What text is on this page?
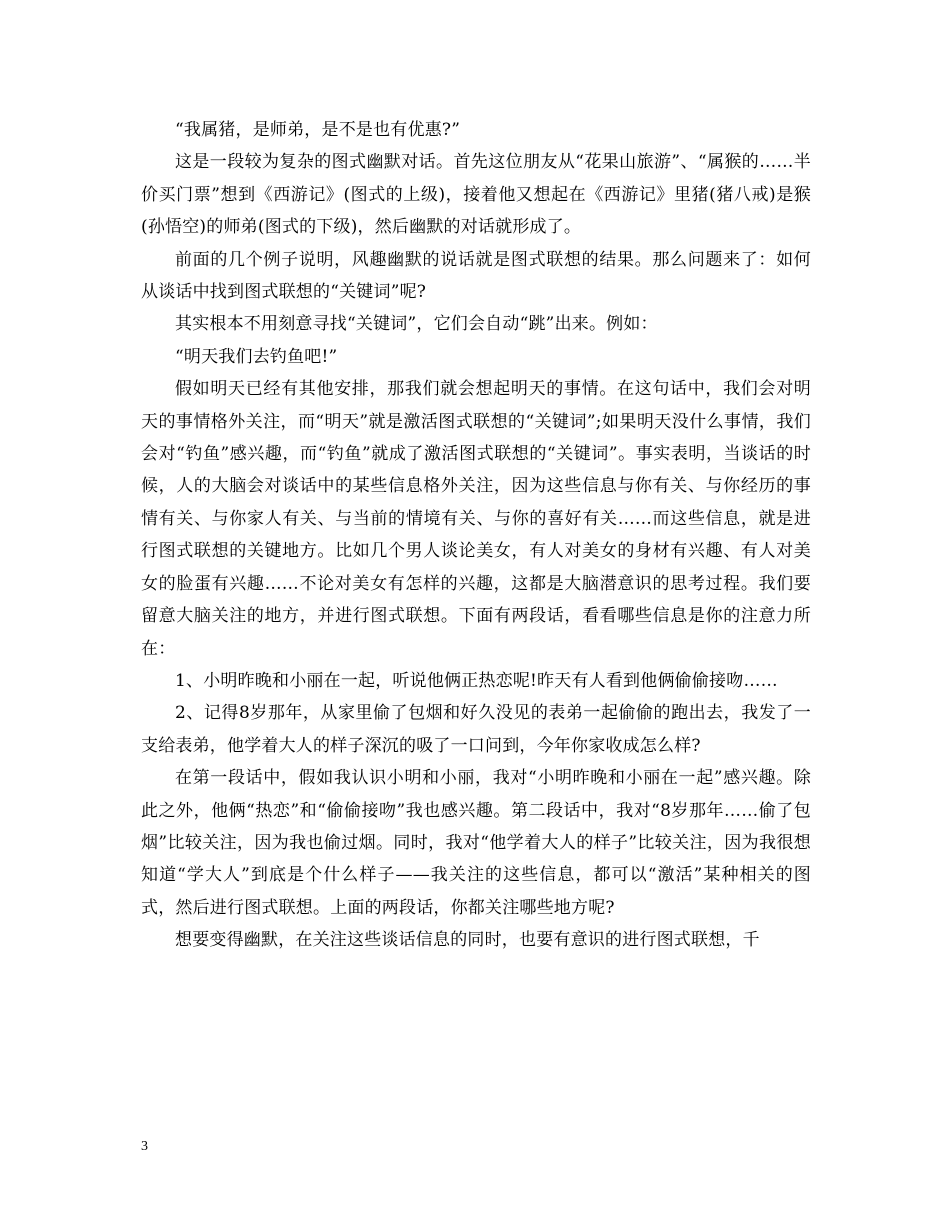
“我属猪，是师弟，是不是也有优惠?”

这是一段较为复杂的图式幽默对话。首先这位朋友从“花果山旅游”、“属猴的……半价买门票”想到《西游记》(图式的上级)，接着他又想起在《西游记》里猪(猪八戒)是猴(孙悟空)的师弟(图式的下级)，然后幽默的对话就形成了。

前面的几个例子说明，风趣幽默的说话就是图式联想的结果。那么问题来了：如何从谈话中找到图式联想的“关键词”呢?

其实根本不用刻意寻找“关键词”，它们会自动“跳”出来。例如：

“明天我们去钓鱼吧!”

假如明天已经有其他安排，那我们就会想起明天的事情。在这句话中，我们会对明天的事情格外关注，而“明天”就是激活图式联想的“关键词”;如果明天没什么事情，我们会对“钓鱼”感兴趣，而“钓鱼”就成了激活图式联想的“关键词”。事实表明，当谈话的时候，人的大脑会对谈话中的某些信息格外关注，因为这些信息与你有关、与你经历的事情有关、与你家人有关、与当前的情境有关、与你的喜好有关……而这些信息，就是进行图式联想的关键地方。比如几个男人谈论美女，有人对美女的身材有兴趣、有人对美女的脸蛋有兴趣……不论对美女有怎样的兴趣，这都是大脑潜意识的思考过程。我们要留意大脑关注的地方，并进行图式联想。下面有两段话，看看哪些信息是你的注意力所在：

1、小明昨晚和小丽在一起，听说他俩正热恋呢!昨天有人看到他俩偷偷接吻……

2、记得8岁那年，从家里偷了包烟和好久没见的表弟一起偷偷的跑出去，我发了一支给表弟，他学着大人的样子深沉的吸了一口问到，今年你家收成怎么样?

在第一段话中，假如我认识小明和小丽，我对“小明昨晚和小丽在一起”感兴趣。除此之外，他俩“热恋”和“偷偷接吻”我也感兴趣。第二段话中，我对“8岁那年……偷了包烟”比较关注，因为我也偷过烟。同时，我对“他学着大人的样子”比较关注，因为我很想知道“学大人”到底是个什么样子——我关注的这些信息，都可以“激活”某种相关的图式，然后进行图式联想。上面的两段话，你都关注哪些地方呢?

想要变得幽默，在关注这些谈话信息的同时，也要有意识的进行图式联想，千

3
